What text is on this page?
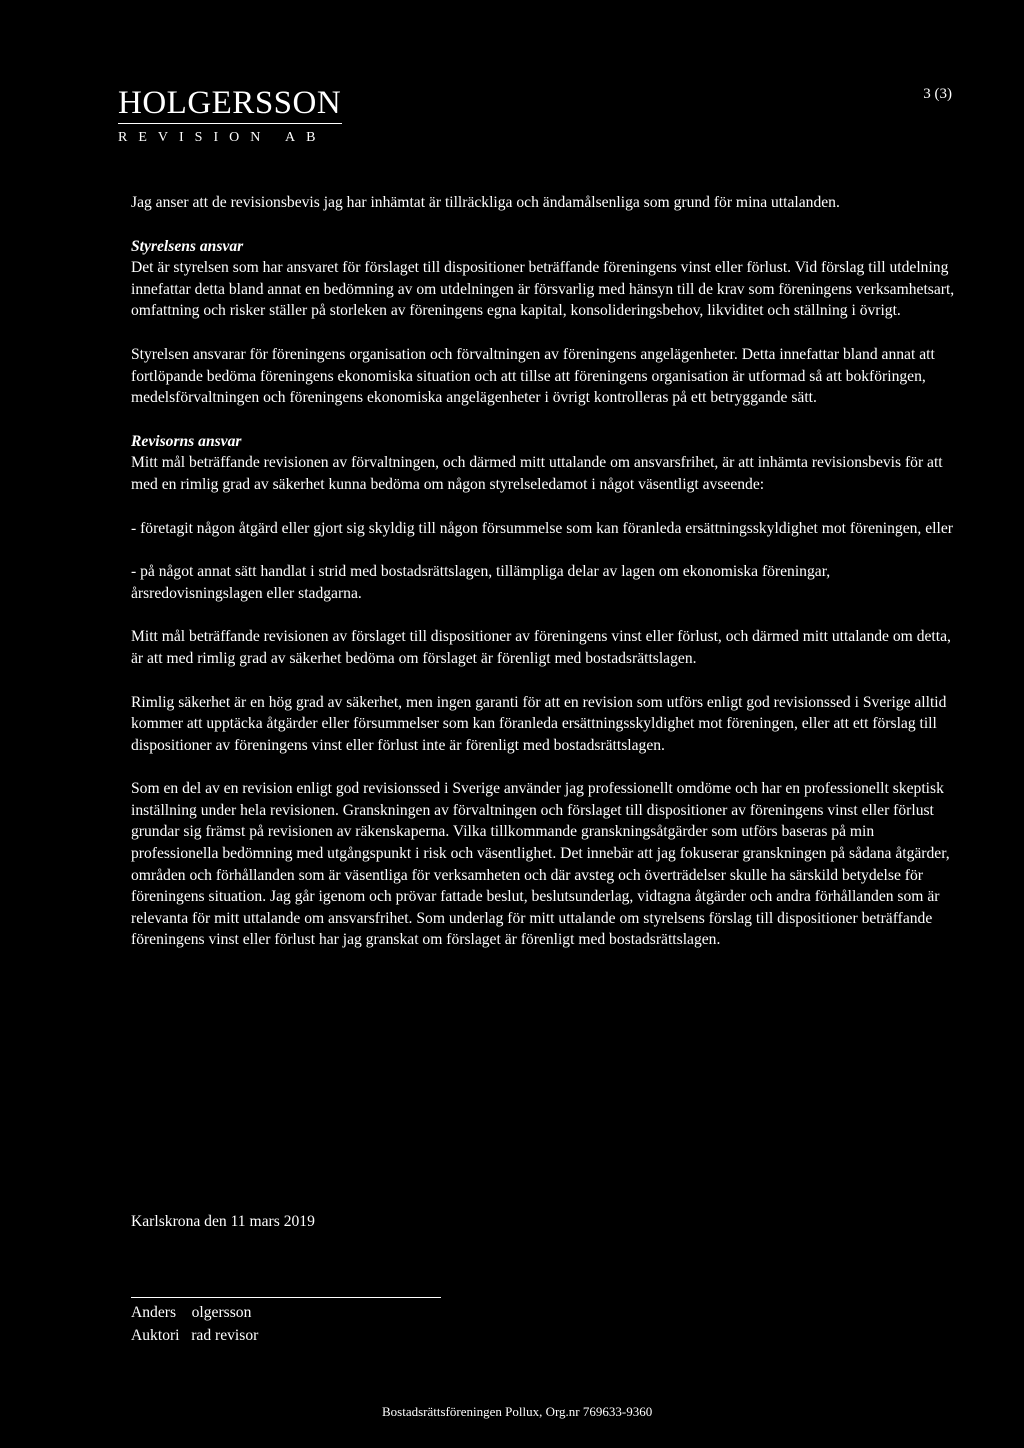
HOLGERSSON
REVISION AB
3 (3)

Jag anser att de revisionsbevis jag har inhämtat är tillräckliga och ändamålsenliga som grund för mina uttalanden.

Styrelsens ansvar

Det är styrelsen som har ansvaret för förslaget till dispositioner beträffande föreningens vinst eller förlust. Vid förslag till utdelning innefattar detta bland annat en bedömning av om utdelningen är försvarlig med hänsyn till de krav som föreningens verksamhetsart, omfattning och risker ställer på storleken av föreningens egna kapital, konsolideringsbehov, likviditet och ställning i övrigt.

Styrelsen ansvarar för föreningens organisation och förvaltningen av föreningens angelägenheter. Detta innefattar bland annat att fortlöpande bedöma föreningens ekonomiska situation och att tillse att föreningens organisation är utformad så att bokföringen, medelsförvaltningen och föreningens ekonomiska angelägenheter i övrigt kontrolleras på ett betryggande sätt.

Revisorns ansvar

Mitt mål beträffande revisionen av förvaltningen, och därmed mitt uttalande om ansvarsfrihet, är att inhämta revisionsbevis för att med en rimlig grad av säkerhet kunna bedöma om någon styrelseledamot i något väsentligt avseende:

- företagit någon åtgärd eller gjort sig skyldig till någon försummelse som kan föranleda ersättningsskyldighet mot föreningen, eller

- på något annat sätt handlat i strid med bostadsrättslagen, tillämpliga delar av lagen om ekonomiska föreningar, årsredovisningslagen eller stadgarna.

Mitt mål beträffande revisionen av förslaget till dispositioner av föreningens vinst eller förlust, och därmed mitt uttalande om detta, är att med rimlig grad av säkerhet bedöma om förslaget är förenligt med bostadsrättslagen.

Rimlig säkerhet är en hög grad av säkerhet, men ingen garanti för att en revision som utförs enligt god revisionssed i Sverige alltid kommer att upptäcka åtgärder eller försummelser som kan föranleda ersättningsskyldighet mot föreningen, eller att ett förslag till dispositioner av föreningens vinst eller förlust inte är förenligt med bostadsrättslagen.

Som en del av en revision enligt god revisionssed i Sverige använder jag professionellt omdöme och har en professionellt skeptisk inställning under hela revisionen. Granskningen av förvaltningen och förslaget till dispositioner av föreningens vinst eller förlust grundar sig främst på revisionen av räkenskaperna. Vilka tillkommande granskningsåtgärder som utförs baseras på min professionella bedömning med utgångspunkt i risk och väsentlighet. Det innebär att jag fokuserar granskningen på sådana åtgärder, områden och förhållanden som är väsentliga för verksamheten och där avsteg och överträdelser skulle ha särskild betydelse för föreningens situation. Jag går igenom och prövar fattade beslut, beslutsunderlag, vidtagna åtgärder och andra förhållanden som är relevanta för mitt uttalande om ansvarsfrihet. Som underlag för mitt uttalande om styrelsens förslag till dispositioner beträffande föreningens vinst eller förlust har jag granskat om förslaget är förenligt med bostadsrättslagen.

Karlskrona den 11 mars 2019
Anders    olgersson
Auktori   rad revisor
Bostadsrättsföreningen Pollux, Org.nr 769633-9360
